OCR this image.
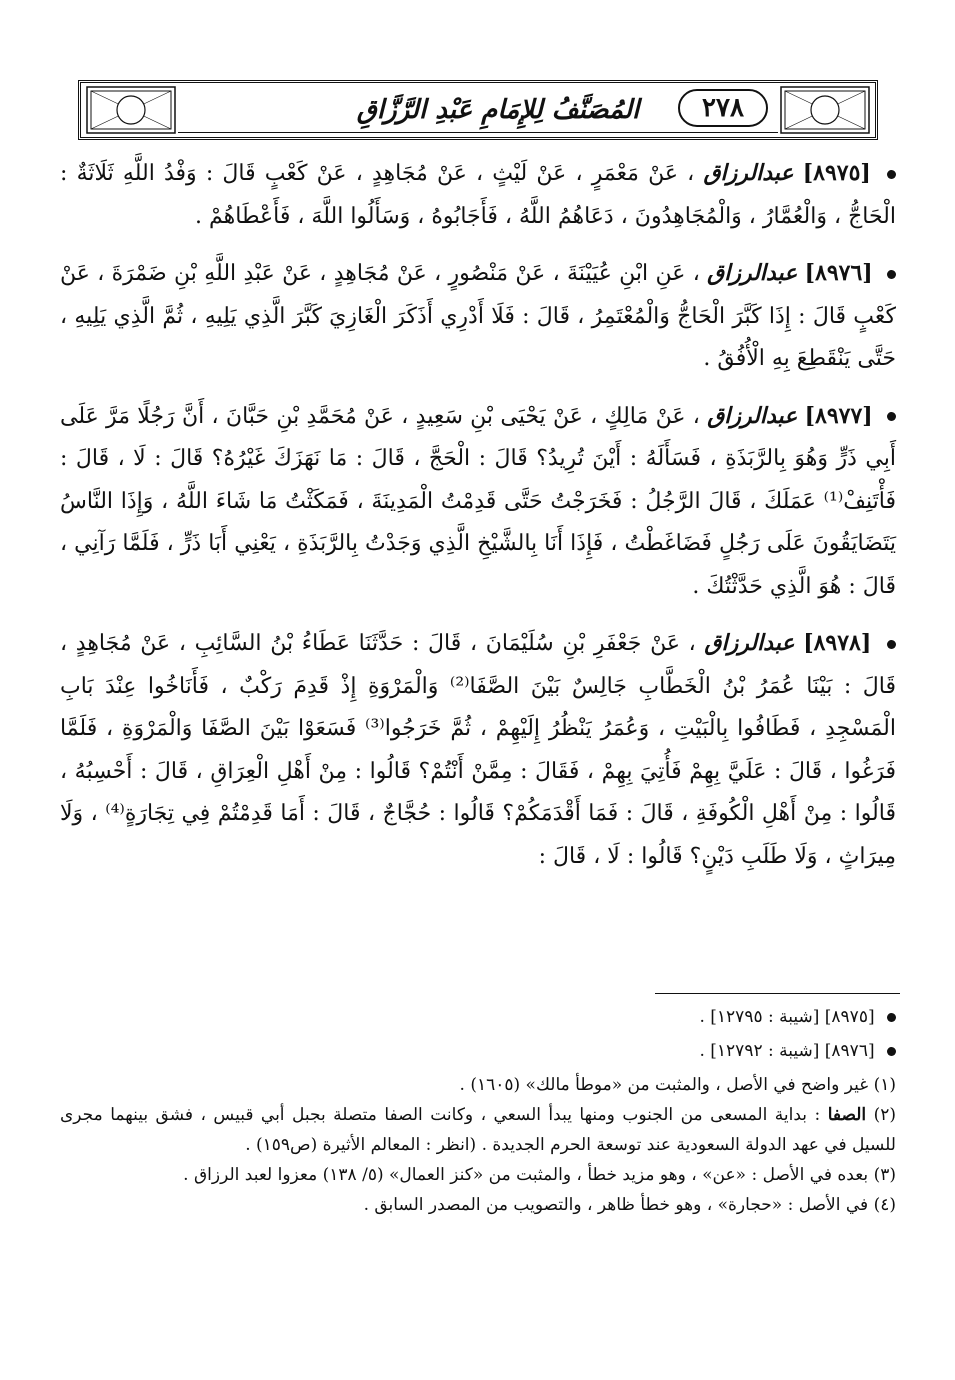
٢٧٨
المُصَنَّفُ لِلإِمَامِ عَبْدِ الرَّزَّاقِ

[٨٩٧٥] عبدالرزاق ، عَنْ مَعْمَرٍ ، عَنْ لَيْثٍ ، عَنْ مُجَاهِدٍ ، عَنْ كَعْبٍ قَالَ : وَفْدُ اللَّهِ ثَلَاثَةٌ : الْحَاجُّ ، وَالْعُمَّارُ ، وَالْمُجَاهِدُونَ ، دَعَاهُمُ اللَّهُ ، فَأَجَابُوهُ ، وَسَأَلُوا اللَّهَ ، فَأَعْطَاهُمْ .

[٨٩٧٦] عبدالرزاق ، عَنِ ابْنِ عُيَيْنَةَ ، عَنْ مَنْصُورٍ ، عَنْ مُجَاهِدٍ ، عَنْ عَبْدِ اللَّهِ بْنِ ضَمْرَةَ ، عَنْ كَعْبٍ قَالَ : إِذَا كَبَّرَ الْحَاجُّ وَالْمُعْتَمِرُ ، قَالَ : فَلَا أَدْرِي أَذَكَرَ الْغَازِيَ كَبَّرَ الَّذِي يَلِيهِ ، ثُمَّ الَّذِي يَلِيهِ ، حَتَّى يَنْقَطِعَ بِهِ الْأُفُقُ .

[٨٩٧٧] عبدالرزاق ، عَنْ مَالِكٍ ، عَنْ يَحْيَى بْنِ سَعِيدٍ ، عَنْ مُحَمَّدِ بْنِ حَبَّانَ ، أَنَّ رَجُلًا مَرَّ عَلَى أَبِي ذَرٍّ وَهُوَ بِالرَّبَذَةِ ، فَسَأَلَهُ : أَيْنَ تُرِيدُ؟ قَالَ : الْحَجَّ ، قَالَ : مَا نَهَزَكَ غَيْرُهُ؟ قَالَ : لَا ، قَالَ : فَأْتَنِفْ⁽¹⁾ عَمَلَكَ ، قَالَ الرَّجُلُ : فَخَرَجْتُ حَتَّى قَدِمْتُ الْمَدِينَةَ ، فَمَكَثْتُ مَا شَاءَ اللَّهُ ، وَإِذَا النَّاسُ يَتَضَايَقُونَ عَلَى رَجُلٍ فَضَاغَطْتُ ، فَإِذَا أَنَا بِالشَّيْخِ الَّذِي وَجَدْتُ بِالرَّبَذَةِ ، يَعْنِي أَبَا ذَرٍّ ، فَلَمَّا رَآنِي ، قَالَ : هُوَ الَّذِي حَدَّثْتُكَ .

[٨٩٧٨] عبدالرزاق ، عَنْ جَعْفَرِ بْنِ سُلَيْمَانَ ، قَالَ : حَدَّثَنَا عَطَاءُ بْنُ السَّائِبِ ، عَنْ مُجَاهِدٍ ، قَالَ : بَيْنَا عُمَرُ بْنُ الْخَطَّابِ جَالِسٌ بَيْنَ الصَّفَا⁽²⁾ وَالْمَرْوَةِ إِذْ قَدِمَ رَكْبٌ ، فَأَنَاخُوا عِنْدَ بَابِ الْمَسْجِدِ ، فَطَافُوا بِالْبَيْتِ ، وَعُمَرُ يَنْظُرُ إِلَيْهِمْ ، ثُمَّ خَرَجُوا⁽³⁾ فَسَعَوْا بَيْنَ الصَّفَا وَالْمَرْوَةِ ، فَلَمَّا فَرَغُوا ، قَالَ : عَلَيَّ بِهِمْ فَأُتِيَ بِهِمْ ، فَقَالَ : مِمَّنْ أَنْتُمْ؟ قَالُوا : مِنْ أَهْلِ الْعِرَاقِ ، قَالَ : أَحْسِبُهُ ، قَالُوا : مِنْ أَهْلِ الْكُوفَةِ ، قَالَ : فَمَا أَقْدَمَكُمْ؟ قَالُوا : حُجَّاجٌ ، قَالَ : أَمَا قَدِمْتُمْ فِي تِجَارَةٍ⁽⁴⁾ ، وَلَا مِيرَاثٍ ، وَلَا طَلَبِ دَيْنٍ؟ قَالُوا : لَا ، قَالَ :

[٨٩٧٥] [شيبة : ١٢٧٩٥] .

[٨٩٧٦] [شيبة : ١٢٧٩٢] .

(١) غير واضح في الأصل ، والمثبت من «موطأ مالك» (١٦٠٥) .

(٢) الصفا : بداية المسعى من الجنوب ومنها يبدأ السعي ، وكانت الصفا متصلة بجبل أبي قبيس ، فشق بينهما مجرى للسيل في عهد الدولة السعودية عند توسعة الحرم الجديدة . (انظر : المعالم الأثيرة (ص١٥٩) .

(٣) بعده في الأصل : «عن» ، وهو مزيد خطأ ، والمثبت من «كنز العمال» (٥/ ١٣٨) معزوا لعبد الرزاق .

(٤) في الأصل : «حجارة» ، وهو خطأ ظاهر ، والتصويب من المصدر السابق .
